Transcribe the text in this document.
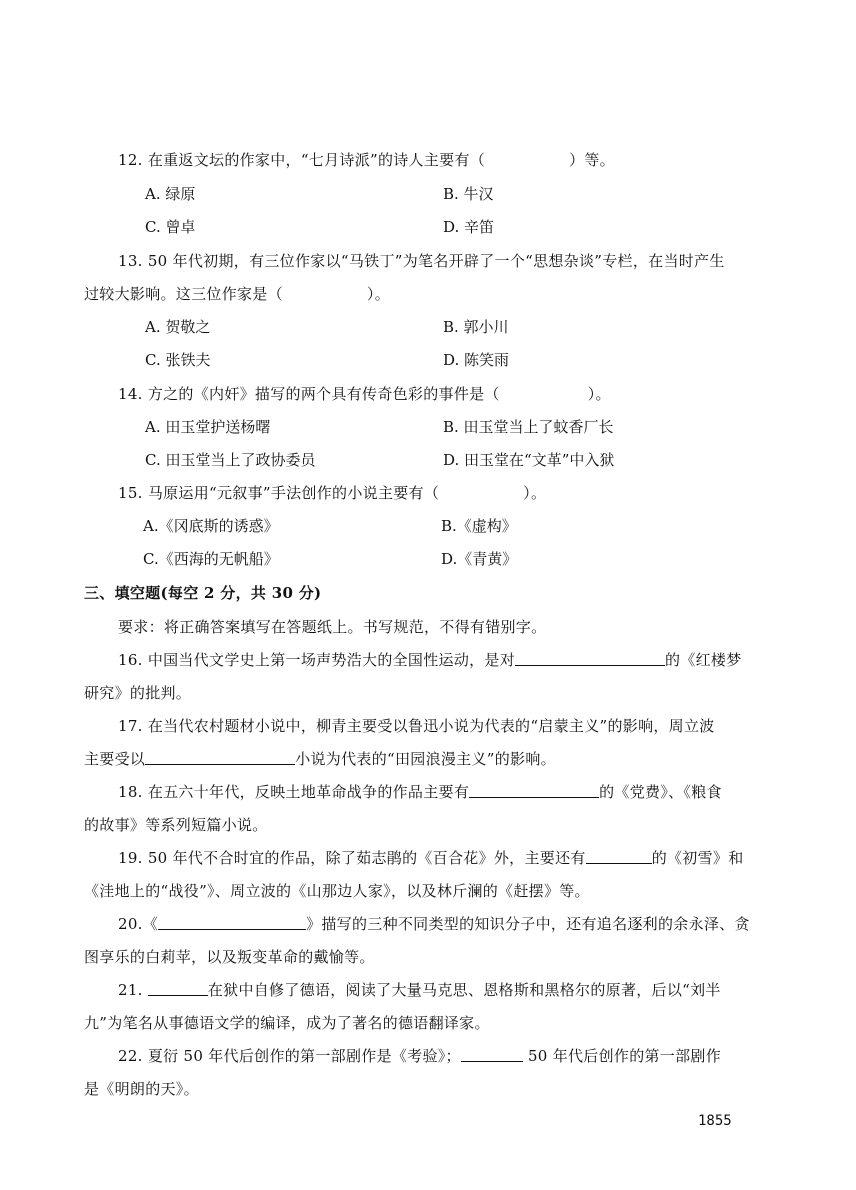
12. 在重返文坛的作家中，“七月诗派”的诗人主要有（	）等。
A. 绿原	B. 牛汉
C. 曾卓	D. 辛笛
13. 50 年代初期，有三位作家以“马铁丁”为笔名开辟了一个“思想杂谈”专栏，在当时产生
过较大影响。这三位作家是（	）。
A. 贺敬之	B. 郭小川
C. 张铁夫	D. 陈笑雨
14. 方之的《内奸》描写的两个具有传奇色彩的事件是（	）。
A. 田玉堂护送杨曙	B. 田玉堂当上了蚊香厂长
C. 田玉堂当上了政协委员	D. 田玉堂在“文革”中入狱
15. 马原运用“元叙事”手法创作的小说主要有（	）。
A.《冈底斯的诱惑》	B.《虚构》
C.《西海的无帆船》	D.《青黄》
三、填空题(每空 2 分，共 30 分)
要求：将正确答案填写在答题纸上。书写规范，不得有错别字。
16. 中国当代文学史上第一场声势浩大的全国性运动，是对	的《红楼梦
研究》的批判。
17. 在当代农村题材小说中，柳青主要受以鲁迅小说为代表的“启蒙主义”的影响，周立波
主要受以	小说为代表的“田园浪漫主义”的影响。
18. 在五六十年代，反映土地革命战争的作品主要有	的《党费》、《粮食
的故事》等系列短篇小说。
19. 50 年代不合时宜的作品，除了茹志鹃的《百合花》外，主要还有	的《初雪》和
《洼地上的“战役”》、周立波的《山那边人家》，以及林斤澜的《赶摆》等。
20.《	》描写的三种不同类型的知识分子中，还有追名逐利的余永泽、贪
图享乐的白莉苹，以及叛变革命的戴愉等。
21.	在狱中自修了德语，阅读了大量马克思、恩格斯和黑格尔的原著，后以“刘半
九”为笔名从事德语文学的编译，成为了著名的德语翻译家。
22. 夏衍 50 年代后创作的第一部剧作是《考验》；	50 年代后创作的第一部剧作
是《明朗的天》。
1855
